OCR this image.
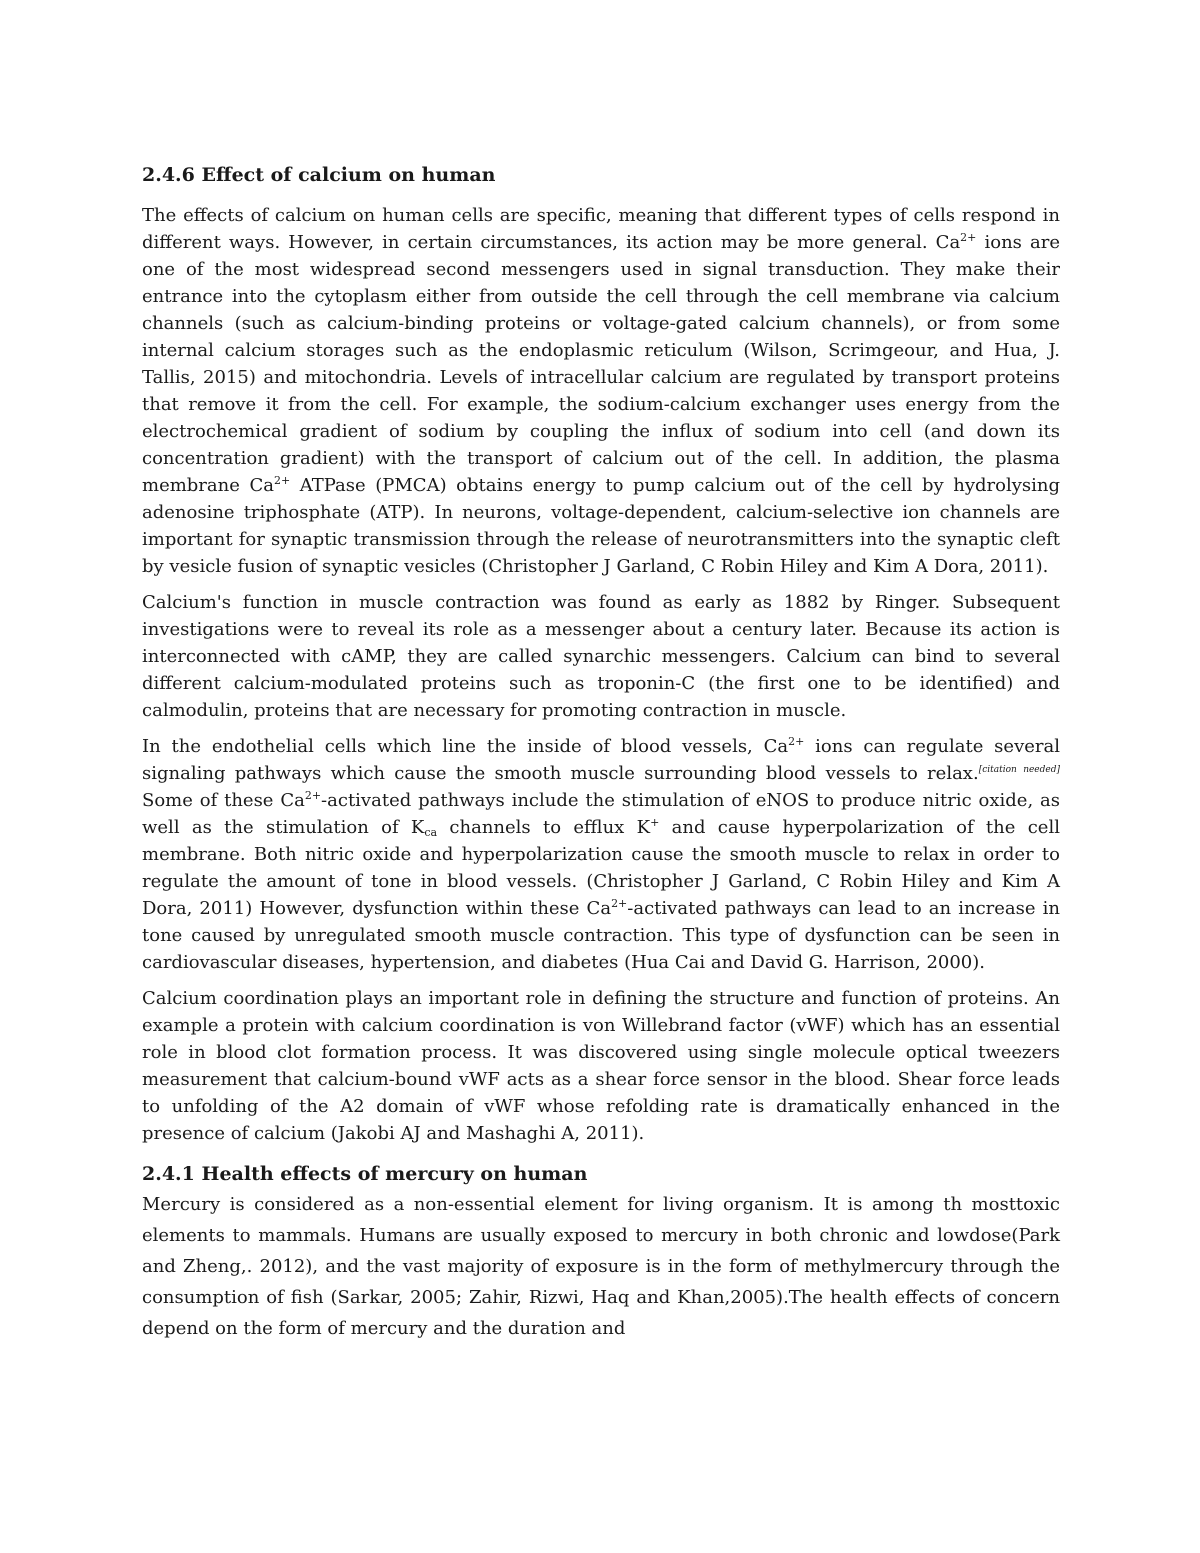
2.4.6 Effect of calcium on human
The effects of calcium on human cells are specific, meaning that different types of cells respond in different ways. However, in certain circumstances, its action may be more general. $Ca^{2+}$ ions are one of the most widespread second messengers used in signal transduction. They make their entrance into the cytoplasm either from outside the cell through the cell membrane via calcium channels (such as calcium-binding proteins or voltage-gated calcium channels), or from some internal calcium storages such as the endoplasmic reticulum (Wilson, Scrimgeour, and Hua, J. Tallis, 2015) and mitochondria. Levels of intracellular calcium are regulated by transport proteins that remove it from the cell. For example, the sodium-calcium exchanger uses energy from the electrochemical gradient of sodium by coupling the influx of sodium into cell (and down its concentration gradient) with the transport of calcium out of the cell. In addition, the plasma membrane $Ca^{2+}$ ATPase (PMCA) obtains energy to pump calcium out of the cell by hydrolysing adenosine triphosphate (ATP). In neurons, voltage-dependent, calcium-selective ion channels are important for synaptic transmission through the release of neurotransmitters into the synaptic cleft by vesicle fusion of synaptic vesicles (Christopher J Garland, C Robin Hiley and Kim A Dora, 2011).
Calcium's function in muscle contraction was found as early as 1882 by Ringer. Subsequent investigations were to reveal its role as a messenger about a century later. Because its action is interconnected with cAMP, they are called synarchic messengers. Calcium can bind to several different calcium-modulated proteins such as troponin-C (the first one to be identified) and calmodulin, proteins that are necessary for promoting contraction in muscle.
In the endothelial cells which line the inside of blood vessels, $Ca^{2+}$ ions can regulate several signaling pathways which cause the smooth muscle surrounding blood vessels to relax.[citation needed] Some of these $Ca^{2+}$-activated pathways include the stimulation of eNOS to produce nitric oxide, as well as the stimulation of $K_{ca}$ channels to efflux K+ and cause hyperpolarization of the cell membrane. Both nitric oxide and hyperpolarization cause the smooth muscle to relax in order to regulate the amount of tone in blood vessels. (Christopher J Garland, C Robin Hiley and Kim A Dora, 2011) However, dysfunction within these $Ca^{2+}$-activated pathways can lead to an increase in tone caused by unregulated smooth muscle contraction. This type of dysfunction can be seen in cardiovascular diseases, hypertension, and diabetes (Hua Cai and David G. Harrison, 2000).
Calcium coordination plays an important role in defining the structure and function of proteins. An example a protein with calcium coordination is von Willebrand factor (vWF) which has an essential role in blood clot formation process. It was discovered using single molecule optical tweezers measurement that calcium-bound vWF acts as a shear force sensor in the blood. Shear force leads to unfolding of the A2 domain of vWF whose refolding rate is dramatically enhanced in the presence of calcium (Jakobi AJ and Mashaghi A, 2011).
2.4.1 Health effects of mercury on human
Mercury is considered as a non-essential element for living organism. It is among th mosttoxic elements to mammals. Humans are usually exposed to mercury in both chronic and lowdose(Park and Zheng,. 2012), and the vast majority of exposure is in the form of methylmercury through the consumption of fish (Sarkar, 2005; Zahir, Rizwi, Haq and Khan,2005).The health effects of concern depend on the form of mercury and the duration and
